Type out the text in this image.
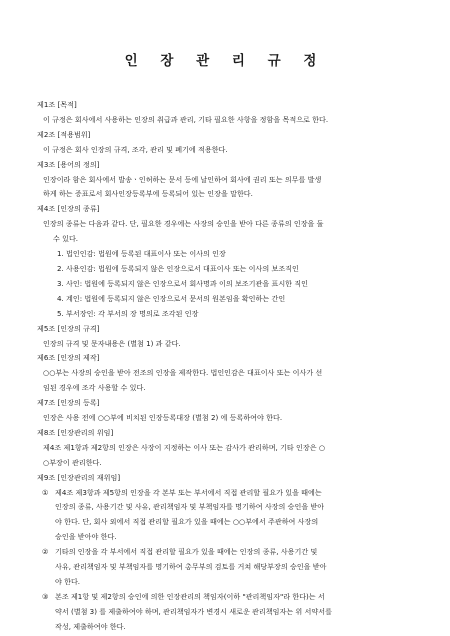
인 장 관 리 규 정
제1조 [목적]
이 규정은 회사에서 사용하는 인장의 취급과 관리, 기타 필요한 사항을 정함을 목적으로 한다.
제2조 [적용범위]
이 규정은 회사 인장의 규격, 조각, 관리 및 폐기에 적용한다.
제3조 [용어의 정의]
인장이라 함은 회사에서 발송ㆍ인허하는 문서 등에 날인하여 회사에 권리 또는 의무를 발생
하게 하는 증표로서 회사인장등록부에 등록되어 있는 인장을 말한다.
제4조 [인장의 종류]
인장의 종류는 다음과 같다. 단, 필요한 경우에는 사장의 승인을 받아 다른 종류의 인장을 둘
수 있다.
1. 법인인감: 법원에 등록된 대표이사 또는 이사의 인장
2. 사용인감: 법원에 등록되지 않은 인장으로서 대표이사 또는 이사의 보조직인
3. 사인: 법원에 등록되지 않은 인장으로서 회사명과 이의 보조기관을 표시한 직인
4. 계인: 법원에 등록되지 않은 인장으로서 문서의 원본임을 확인하는 간인
5. 부서장인: 각 부서의 장 명의로 조각된 인장
제5조 [인장의 규격]
인장의 규격 및 문자내용은 (별첨 1) 과 같다.
제6조 [인장의 제작]
○○부는 사장의 승인을 받아 전조의 인장을 제작한다. 법인인감은 대표이사 또는 이사가 선
임된 경우에 조각 사용할 수 있다.
제7조 [인장의 등록]
인장은 사용 전에 ○○부에 비치된 인장등록대장 (별첨 2) 에 등록하여야 한다.
제8조 [인장관리의 위임]
제4조 제1항과 제2항의 인장은 사장이 지정하는 이사 또는 감사가 관리하며, 기타 인장은 ○
○부장이 관리한다.
제9조 [인장관리의 재위임]
① 제4조 제3항과 제5항의 인장을 각 본부 또는 부서에서 직접 관리할 필요가 있을 때에는
인장의 종류, 사용기간 및 사유, 관리책임자 및 부책임자를 명기하여 사장의 승인을 받아
야 한다. 단, 회사 외에서 직접 관리할 필요가 있을 때에는 ○○부에서 주관하여 사장의
승인을 받아야 한다.
② 기타의 인장을 각 부서에서 직접 관리할 필요가 있을 때에는 인장의 종류, 사용기간 및
사유, 관리책임자 및 부책임자를 명기하여 총무부의 검토를 거쳐 해당부장의 승인을 받아
야 한다.
③ 본조 제1항 및 제2항의 승인에 의한 인장관리의 책임자(이하 "관리책임자"라 한다)는 서
약서 (별첨 3) 를 제출하여야 하며, 관리책임자가 변경시 새로운 관리책임자는 위 서약서를
작성, 제출하여야 한다.
